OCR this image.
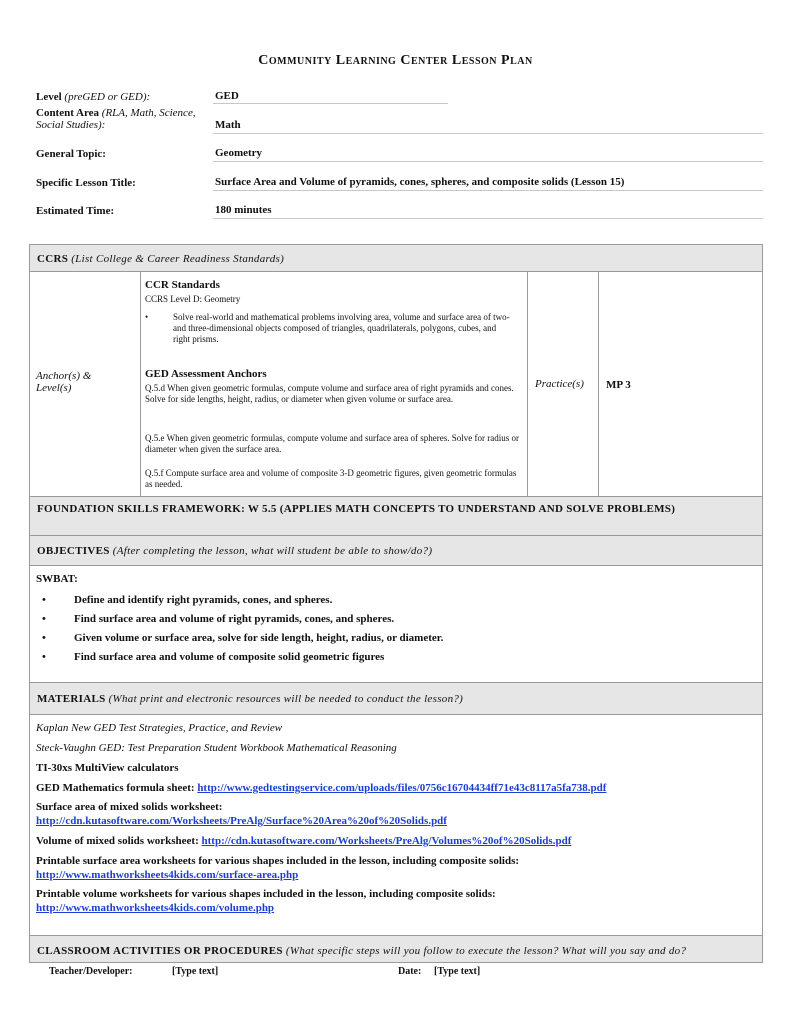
Community Learning Center Lesson Plan
Level (preGED or GED):	GED
Content Area (RLA, Math, Science, Social Studies):	Math
General Topic:	Geometry
Specific Lesson Title:	Surface Area and Volume of pyramids, cones, spheres, and composite solids (Lesson 15)
Estimated Time:	180 minutes
CCRS (List College & Career Readiness Standards)
Anchor(s) & Level(s)
CCR Standards
CCRS Level D: Geometry
•	Solve real-world and mathematical problems involving area, volume and surface area of two- and three-dimensional objects composed of triangles, quadrilaterals, polygons, cubes, and right prisms.
GED Assessment Anchors
Q.5.d When given geometric formulas, compute volume and surface area of right pyramids and cones. Solve for side lengths, height, radius, or diameter when given volume or surface area.
Q.5.e When given geometric formulas, compute volume and surface area of spheres. Solve for radius or diameter when given the surface area.
Q.5.f Compute surface area and volume of composite 3-D geometric figures, given geometric formulas as needed.
Practice(s) MP 3
FOUNDATION SKILLS FRAMEWORK: W 5.5 (APPLIES MATH CONCEPTS TO UNDERSTAND AND SOLVE PROBLEMS)
OBJECTIVES (After completing the lesson, what will student be able to show/do?)
SWBAT:
• Define and identify right pyramids, cones, and spheres.
• Find surface area and volume of right pyramids, cones, and spheres.
• Given volume or surface area, solve for side length, height, radius, or diameter.
• Find surface area and volume of composite solid geometric figures
MATERIALS (What print and electronic resources will be needed to conduct the lesson?)
Kaplan New GED Test Strategies, Practice, and Review
Steck-Vaughn GED: Test Preparation Student Workbook Mathematical Reasoning
TI-30xs MultiView calculators
GED Mathematics formula sheet: http://www.gedtestingservice.com/uploads/files/0756c16704434ff71e43c8117a5fa738.pdf
Surface area of mixed solids worksheet:
http://cdn.kutasoftware.com/Worksheets/PreAlg/Surface%20Area%20of%20Solids.pdf
Volume of mixed solids worksheet: http://cdn.kutasoftware.com/Worksheets/PreAlg/Volumes%20of%20Solids.pdf
Printable surface area worksheets for various shapes included in the lesson, including composite solids:
http://www.mathworksheets4kids.com/surface-area.php
Printable volume worksheets for various shapes included in the lesson, including composite solids:
http://www.mathworksheets4kids.com/volume.php
CLASSROOM ACTIVITIES OR PROCEDURES (What specific steps will you follow to execute the lesson? What will you say and do?
Teacher/Developer:	[Type text]	Date: [Type text]
